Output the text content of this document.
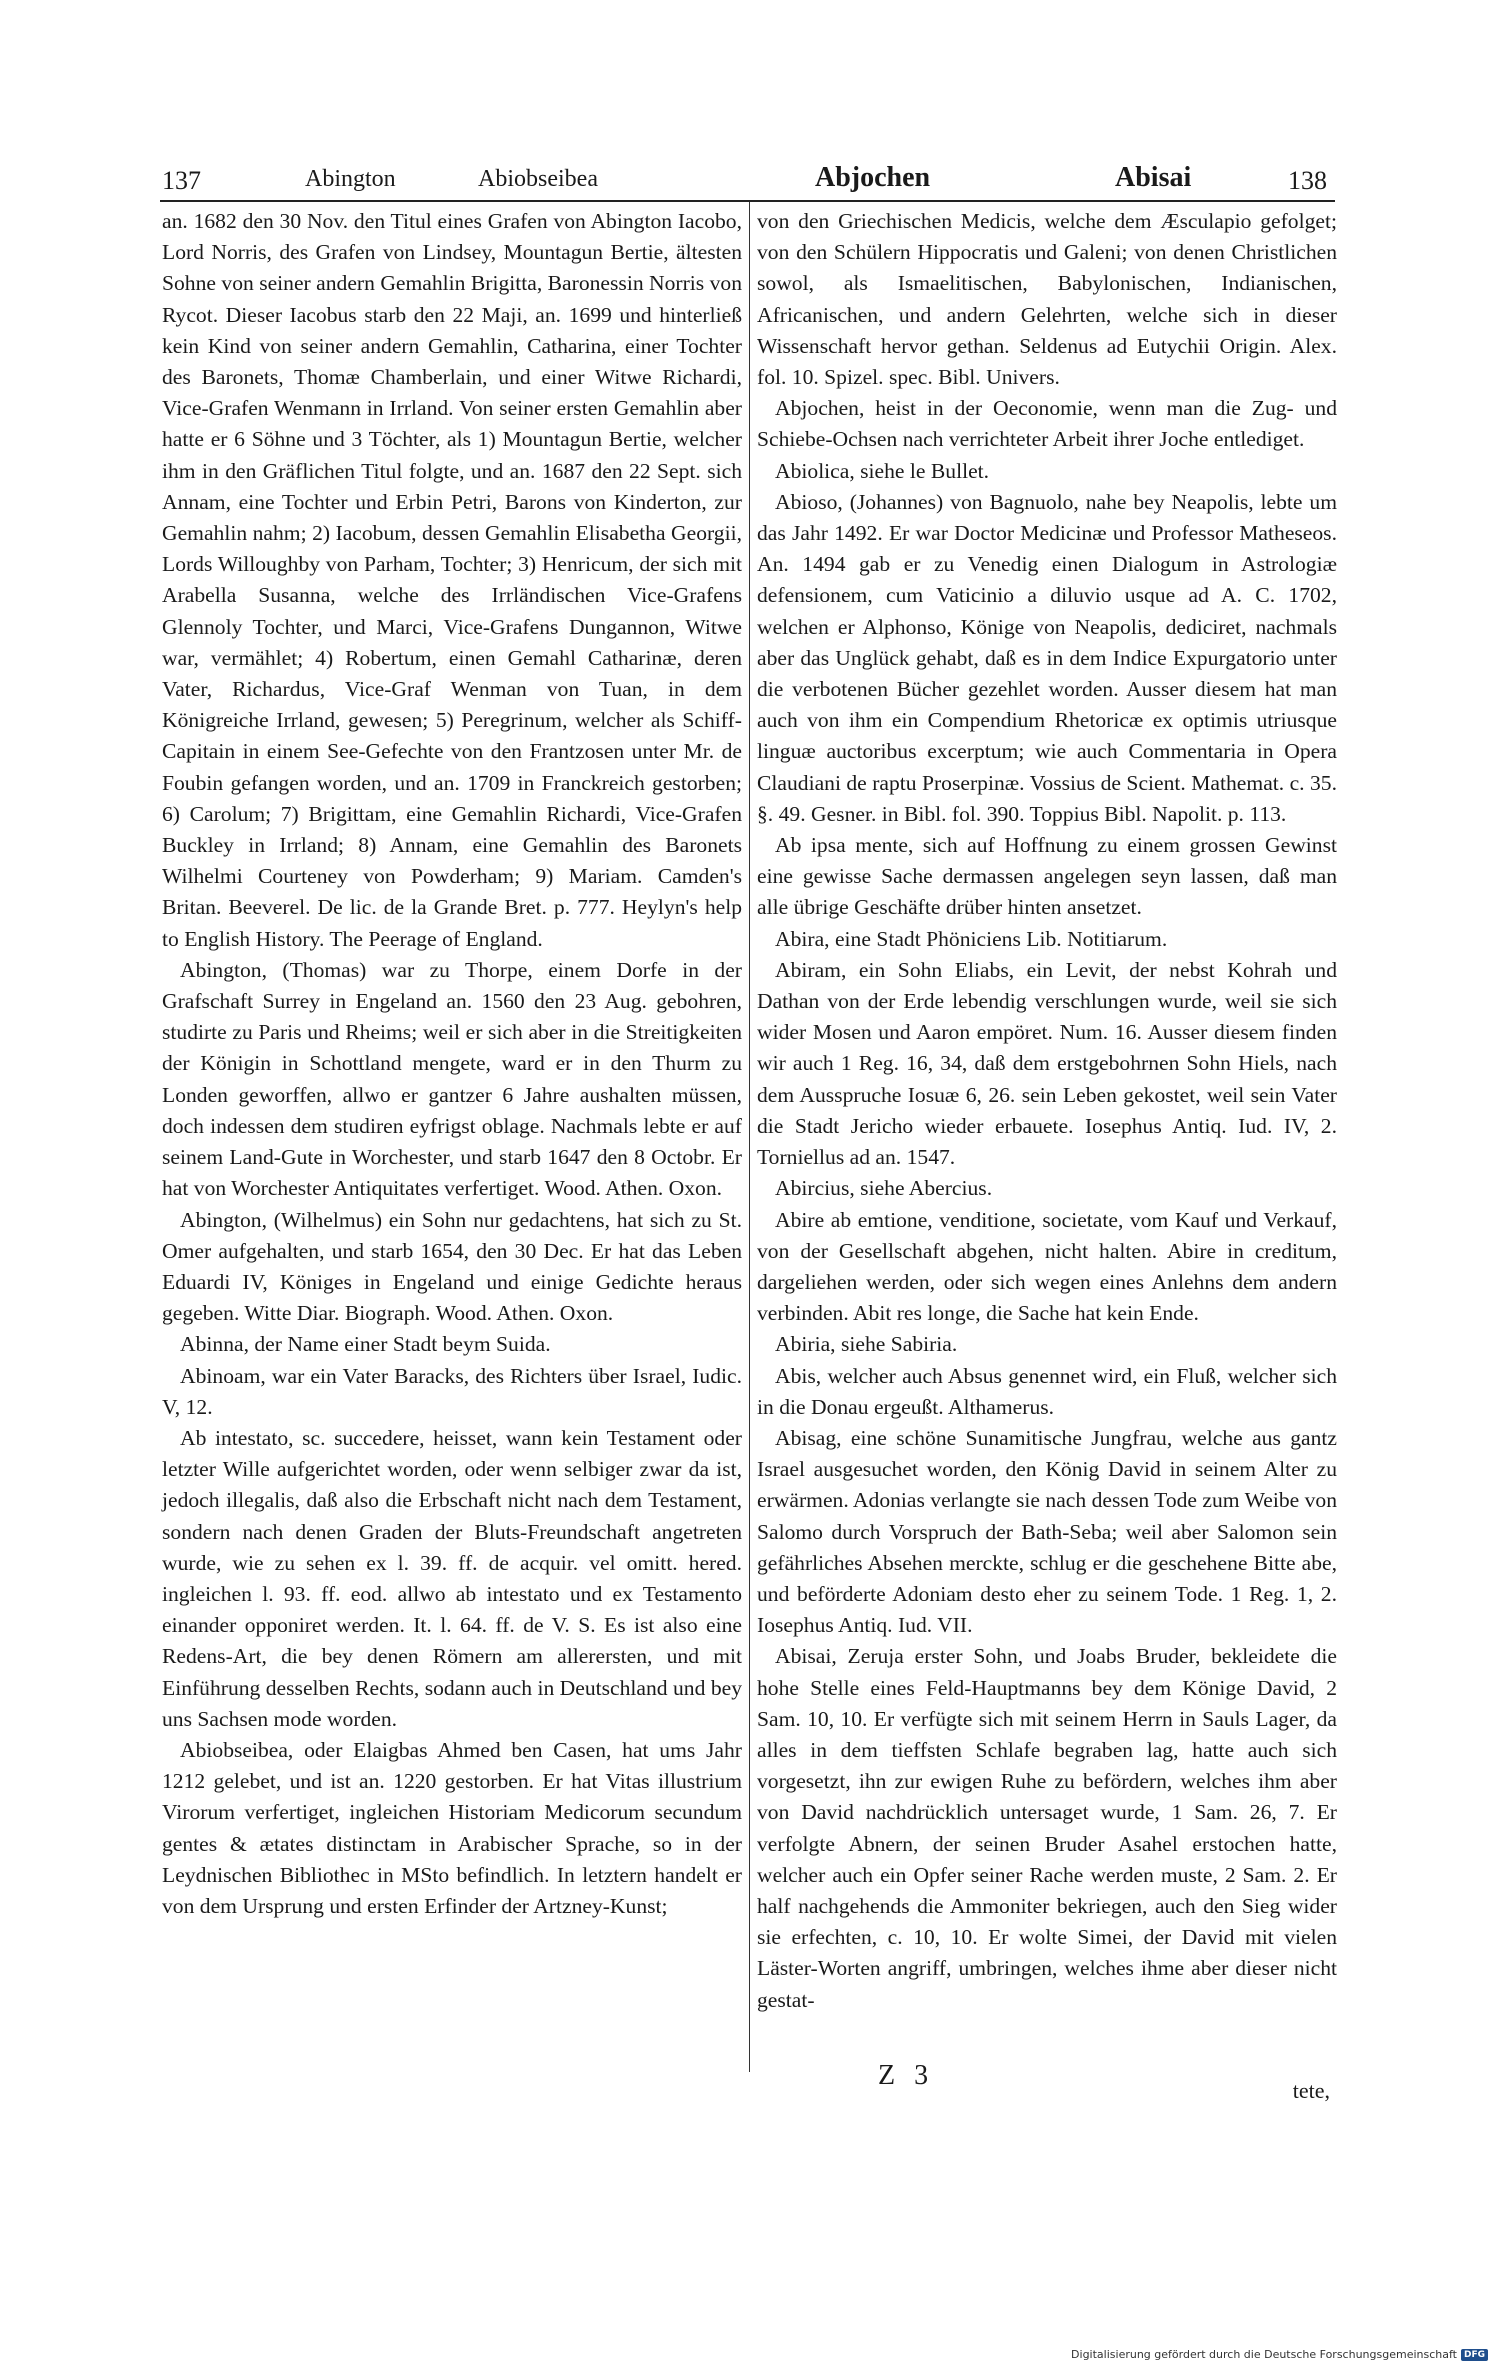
137	Abington	Abiobseibea	Abjochen	Abisai	138

an. 1682 den 30 Nov. den Titul eines Grafen von Abington Iacobo, Lord Norris, des Grafen von Lindsey, Mountagun Bertie, ältesten Sohne von seiner andern Gemahlin Brigitta, Baronessin Norris von Rycot. Dieser Iacobus starb den 22 Maji, an. 1699 und hinterließ kein Kind von seiner andern Gemahlin, Catharina, einer Tochter des Baronets, Thomæ Chamberlain, und einer Witwe Richardi, Vice-Grafen Wenmann in Irrland. Von seiner ersten Gemahlin aber hatte er 6 Söhne und 3 Töchter, als 1) Mountagun Bertie, welcher ihm in den Gräflichen Titul folgte, und an. 1687 den 22 Sept. sich Annam, eine Tochter und Erbin Petri, Barons von Kinderton, zur Gemahlin nahm; 2) Iacobum, dessen Gemahlin Elisabetha Georgii, Lords Willoughby von Parham, Tochter; 3) Henricum, der sich mit Arabella Susanna, welche des Irrländischen Vice-Grafens Glennoly Tochter, und Marci, Vice-Grafens Dungannon, Witwe war, vermählet; 4) Robertum, einen Gemahl Catharinæ, deren Vater, Richardus, Vice-Graf Wenman von Tuan, in dem Königreiche Irrland, gewesen; 5) Peregrinum, welcher als Schiff-Capitain in einem See-Gefechte von den Frantzosen unter Mr. de Foubin gefangen worden, und an. 1709 in Franckreich gestorben; 6) Carolum; 7) Brigittam, eine Gemahlin Richardi, Vice-Grafen Buckley in Irrland; 8) Annam, eine Gemahlin des Baronets Wilhelmi Courteney von Powderham; 9) Mariam. Camden's Britan. Beeverel. De lic. de la Grande Bret. p. 777. Heylyn's help to English History. The Peerage of England.

Abington, (Thomas) war zu Thorpe, einem Dorfe in der Grafschaft Surrey in Engeland an. 1560 den 23 Aug. gebohren, studirte zu Paris und Rheims; weil er sich aber in die Streitigkeiten der Königin in Schottland mengete, ward er in den Thurm zu Londen geworffen, allwo er gantzer 6 Jahre aushalten müssen, doch indessen dem studiren eyfrigst oblage. Nachmals lebte er auf seinem Land-Gute in Worchester, und starb 1647 den 8 Octobr. Er hat von Worchester Antiquitates verfertiget. Wood. Athen. Oxon.

Abington, (Wilhelmus) ein Sohn nur gedachtens, hat sich zu St. Omer aufgehalten, und starb 1654, den 30 Dec. Er hat das Leben Eduardi IV, Königes in Engeland und einige Gedichte heraus gegeben. Witte Diar. Biograph. Wood. Athen. Oxon.

Abinna, der Name einer Stadt beym Suida.

Abinoam, war ein Vater Baracks, des Richters über Israel, Iudic. V, 12.

Ab intestato, sc. succedere, heisset, wann kein Testament oder letzter Wille aufgerichtet worden, oder wenn selbiger zwar da ist, jedoch illegalis, daß also die Erbschaft nicht nach dem Testament, sondern nach denen Graden der Bluts-Freundschaft angetreten wurde, wie zu sehen ex l. 39. ff. de acquir. vel omitt. hered. ingleichen l. 93. ff. eod. allwo ab intestato und ex Testamento einander opponiret werden. It. l. 64. ff. de V. S. Es ist also eine Redens-Art, die bey denen Römern am allerersten, und mit Einführung desselben Rechts, sodann auch in Deutschland und bey uns Sachsen mode worden.

Abiobseibea, oder Elaigbas Ahmed ben Casen, hat ums Jahr 1212 gelebet, und ist an. 1220 gestorben. Er hat Vitas illustrium Virorum verfertiget, ingleichen Historiam Medicorum secundum gentes & ætates distinctam in Arabischer Sprache, so in der Leydnischen Bibliothec in MSto befindlich. In letztern handelt er von dem Ursprung und ersten Erfinder der Artzney-Kunst;

von den Griechischen Medicis, welche dem Æsculapio gefolget; von den Schülern Hippocratis und Galeni; von denen Christlichen sowol, als Ismaelitischen, Babylonischen, Indianischen, Africanischen, und andern Gelehrten, welche sich in dieser Wissenschaft hervor gethan. Seldenus ad Eutychii Origin. Alex. fol. 10. Spizel. spec. Bibl. Univers.

Abjochen, heist in der Oeconomie, wenn man die Zug- und Schiebe-Ochsen nach verrichteter Arbeit ihrer Joche entlediget.

Abiolica, siehe le Bullet.

Abioso, (Johannes) von Bagnuolo, nahe bey Neapolis, lebte um das Jahr 1492. Er war Doctor Medicinæ und Professor Matheseos. An. 1494 gab er zu Venedig einen Dialogum in Astrologiæ defensionem, cum Vaticinio a diluvio usque ad A. C. 1702, welchen er Alphonso, Könige von Neapolis, dediciret, nachmals aber das Unglück gehabt, daß es in dem Indice Expurgatorio unter die verbotenen Bücher gezehlet worden. Ausser diesem hat man auch von ihm ein Compendium Rhetoricæ ex optimis utriusque linguæ auctoribus excerptum; wie auch Commentaria in Opera Claudiani de raptu Proserpinæ. Vossius de Scient. Mathemat. c. 35. §. 49. Gesner. in Bibl. fol. 390. Toppius Bibl. Napolit. p. 113.

Ab ipsa mente, sich auf Hoffnung zu einem grossen Gewinst eine gewisse Sache dermassen angelegen seyn lassen, daß man alle übrige Geschäfte drüber hinten ansetzet.

Abira, eine Stadt Phöniciens Lib. Notitiarum.

Abiram, ein Sohn Eliabs, ein Levit, der nebst Kohrah und Dathan von der Erde lebendig verschlungen wurde, weil sie sich wider Mosen und Aaron empöret. Num. 16. Ausser diesem finden wir auch 1 Reg. 16, 34, daß dem erstgebohrnen Sohn Hiels, nach dem Ausspruche Iosuæ 6, 26. sein Leben gekostet, weil sein Vater die Stadt Jericho wieder erbauete. Iosephus Antiq. Iud. IV, 2. Torniellus ad an. 1547.

Abircius, siehe Abercius.

Abire ab emtione, venditione, societate, vom Kauf und Verkauf, von der Gesellschaft abgehen, nicht halten. Abire in creditum, dargeliehen werden, oder sich wegen eines Anlehns dem andern verbinden. Abit res longe, die Sache hat kein Ende.

Abiria, siehe Sabiria.

Abis, welcher auch Absus genennet wird, ein Fluß, welcher sich in die Donau ergeußt. Althamerus.

Abisag, eine schöne Sunamitische Jungfrau, welche aus gantz Israel ausgesuchet worden, den König David in seinem Alter zu erwärmen. Adonias verlangte sie nach dessen Tode zum Weibe von Salomo durch Vorspruch der Bath-Seba; weil aber Salomon sein gefährliches Absehen merckte, schlug er die geschehene Bitte abe, und beförderte Adoniam desto eher zu seinem Tode. 1 Reg. 1, 2. Iosephus Antiq. Iud. VII.

Abisai, Zeruja erster Sohn, und Joabs Bruder, bekleidete die hohe Stelle eines Feld-Hauptmanns bey dem Könige David, 2 Sam. 10, 10. Er verfügte sich mit seinem Herrn in Sauls Lager, da alles in dem tieffsten Schlafe begraben lag, hatte auch sich vorgesetzt, ihn zur ewigen Ruhe zu befördern, welches ihm aber von David nachdrücklich untersaget wurde, 1 Sam. 26, 7. Er verfolgte Abnern, der seinen Bruder Asahel erstochen hatte, welcher auch ein Opfer seiner Rache werden muste, 2 Sam. 2. Er half nachgehends die Ammoniter bekriegen, auch den Sieg wider sie erfechten, c. 10, 10. Er wolte Simei, der David mit vielen Läster-Worten angriff, umbringen, welches ihme aber dieser nicht gestat-

Z 3	tete,
Digitalisierung gefördert durch die Deutsche Forschungsgemeinschaft DFG
